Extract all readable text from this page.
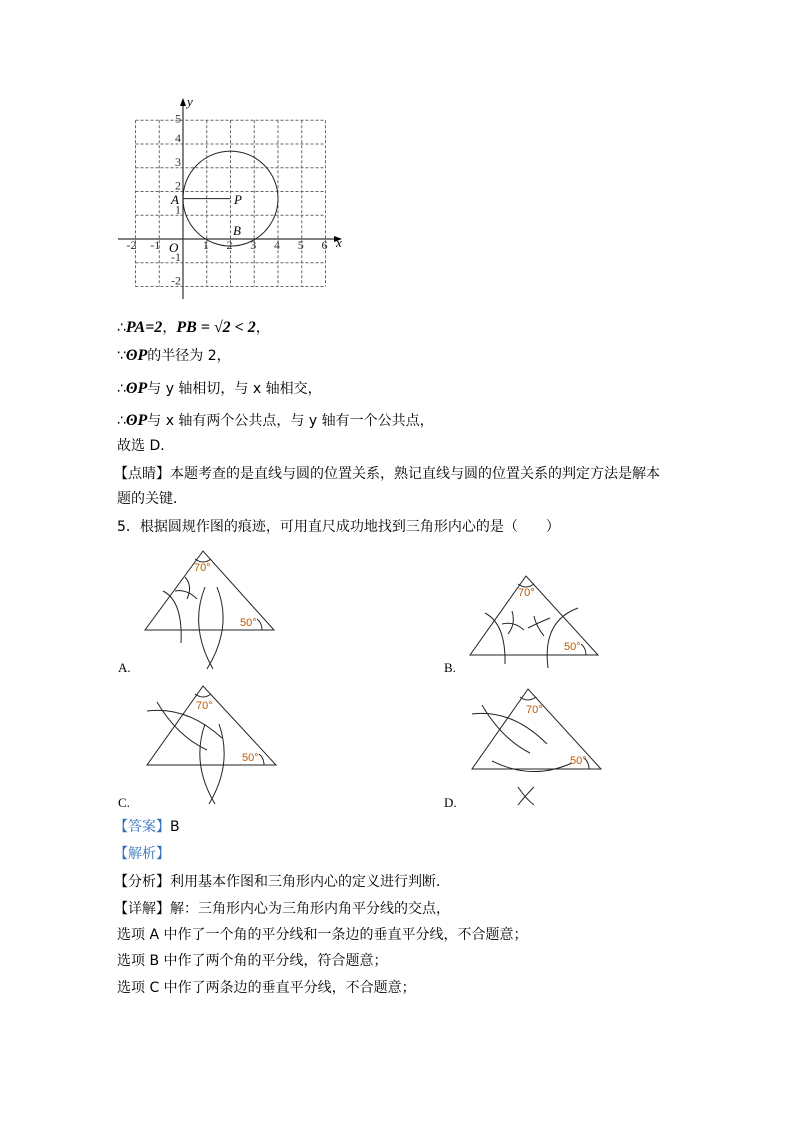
-2 -1	1 2 3 4 5 6
5
4
3
2
1
-1
-2
y
x
O
A	P
B
∴PA=2，PB = √2 < 2，
∵ʘP的半径为 2，
∴ʘP与 y 轴相切，与 x 轴相交，
∴ʘP与 x 轴有两个公共点，与 y 轴有一个公共点，
故选 D．
【点睛】本题考查的是直线与圆的位置关系，熟记直线与圆的位置关系的判定方法是解本
题的关键．
5．根据圆规作图的痕迹，可用直尺成功地找到三角形内心的是（　　）
70°
50°
A.
70°
50°
B.
70°
50°
C.
70°
50°
D.
【答案】B
【解析】
【分析】利用基本作图和三角形内心的定义进行判断．
【详解】解：三角形内心为三角形内角平分线的交点，
选项 A 中作了一个角的平分线和一条边的垂直平分线，不合题意；
选项 B 中作了两个角的平分线，符合题意；
选项 C 中作了两条边的垂直平分线，不合题意；
